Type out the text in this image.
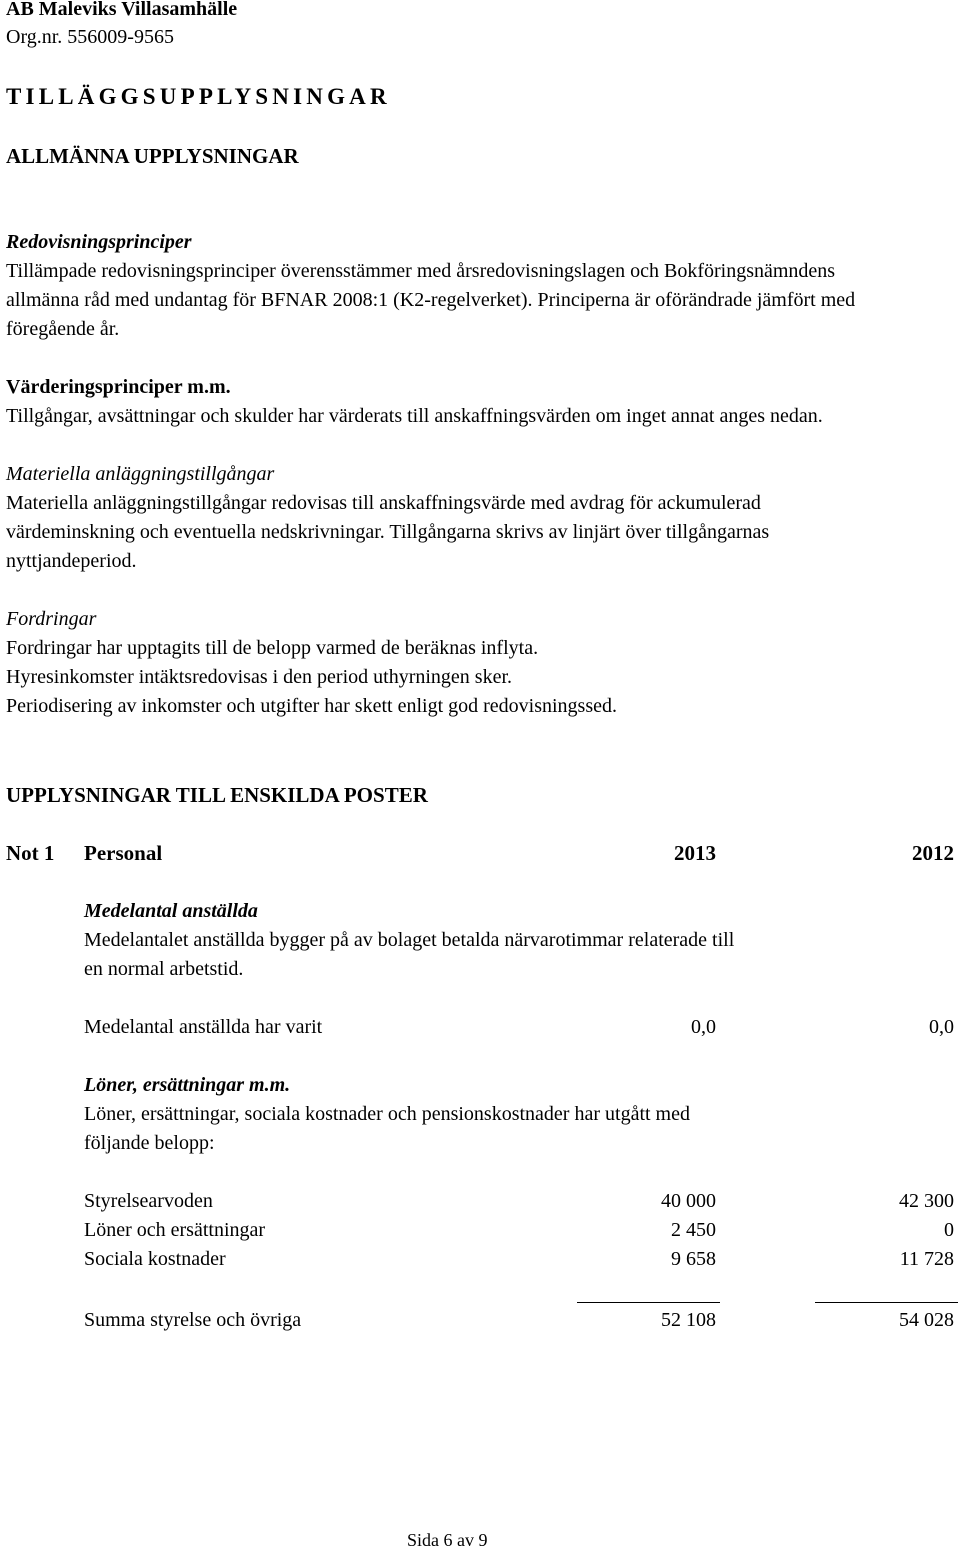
AB Maleviks Villasamhälle
Org.nr. 556009-9565
TILLÄGGSUPPLYSNINGAR
ALLMÄNNA UPPLYSNINGAR
Redovisningsprinciper
Tillämpade redovisningsprinciper överensstämmer med årsredovisningslagen och Bokföringsnämndens
allmänna råd med undantag för BFNAR 2008:1 (K2-regelverket). Principerna är oförändrade jämfört med
föregående år.
Värderingsprinciper m.m.
Tillgångar, avsättningar och skulder har värderats till anskaffningsvärden om inget annat anges nedan.
Materiella anläggningstillgångar
Materiella anläggningstillgångar redovisas till anskaffningsvärde med avdrag för ackumulerad
värdeminskning och eventuella nedskrivningar. Tillgångarna skrivs av linjärt över tillgångarnas
nyttjandeperiod.
Fordringar
Fordringar har upptagits till de belopp varmed de beräknas inflyta.
Hyresinkomster intäktsredovisas i den period uthyrningen sker.
Periodisering av inkomster och utgifter har skett enligt god redovisningssed.
UPPLYSNINGAR TILL ENSKILDA POSTER
Not 1 Personal	2013	2012
Medelantal anställda
Medelantalet anställda bygger på av bolaget betalda närvarotimmar relaterade till
en normal arbetstid.
Medelantal anställda har varit	0,0	0,0
Löner, ersättningar m.m.
Löner, ersättningar, sociala kostnader och pensionskostnader har utgått med
följande belopp:
Styrelsearvoden	40 000	42 300
Löner och ersättningar	2 450	0
Sociala kostnader	9 658	11 728
Summa styrelse och övriga	52 108	54 028
Sida 6 av 9
